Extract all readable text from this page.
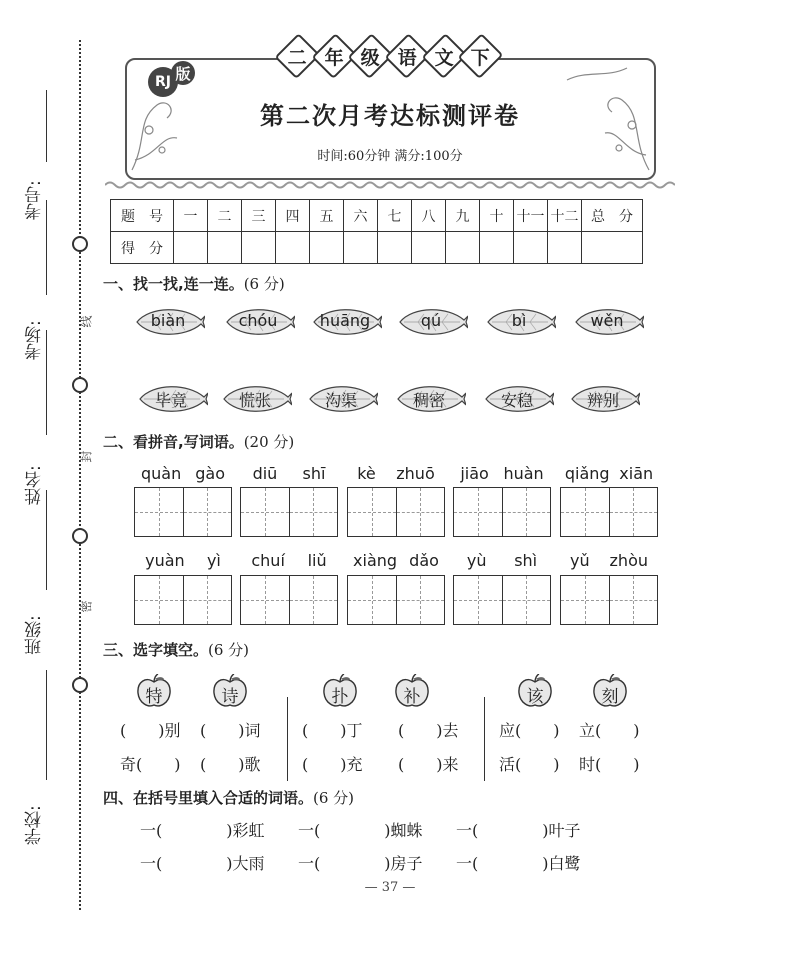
学校:
班级:
姓名:
考场:
考号:
密
封
线
二 年 级 语 文 下
RJ 版
第二次月考达标测评卷
时间:60分钟 满分:100分
题　号	一	二	三	四	五	六	七	八	九	十	十一	十二	总　分
得　分													
一、找一找,连一连。(6 分)
biàn	chóu	huāng	qú	bì	wěn
毕竟	慌张	沟渠	稠密	安稳	辨别
二、看拼音,写词语。(20 分)
quàn gào diū shī kè zhuō jiāo huàn qiǎng xiān
yuàn yì chuí liǔ xiàng dǎo yù shì yǔ zhòu
三、选字填空。(6 分)
特	诗	扑	补	该	刻
(　　)别 (　　)词	(　　)丁 (　　)去	应(　　) 立(　　)
奇(　　) (　　)歌	(　　)充 (　　)来	活(　　) 时(　　)
四、在括号里填入合适的词语。(6 分)
一(　　　　)彩虹 一(　　　　)蜘蛛 一(　　　　)叶子
一(　　　　)大雨 一(　　　　)房子 一(　　　　)白鹭
— 37 —
